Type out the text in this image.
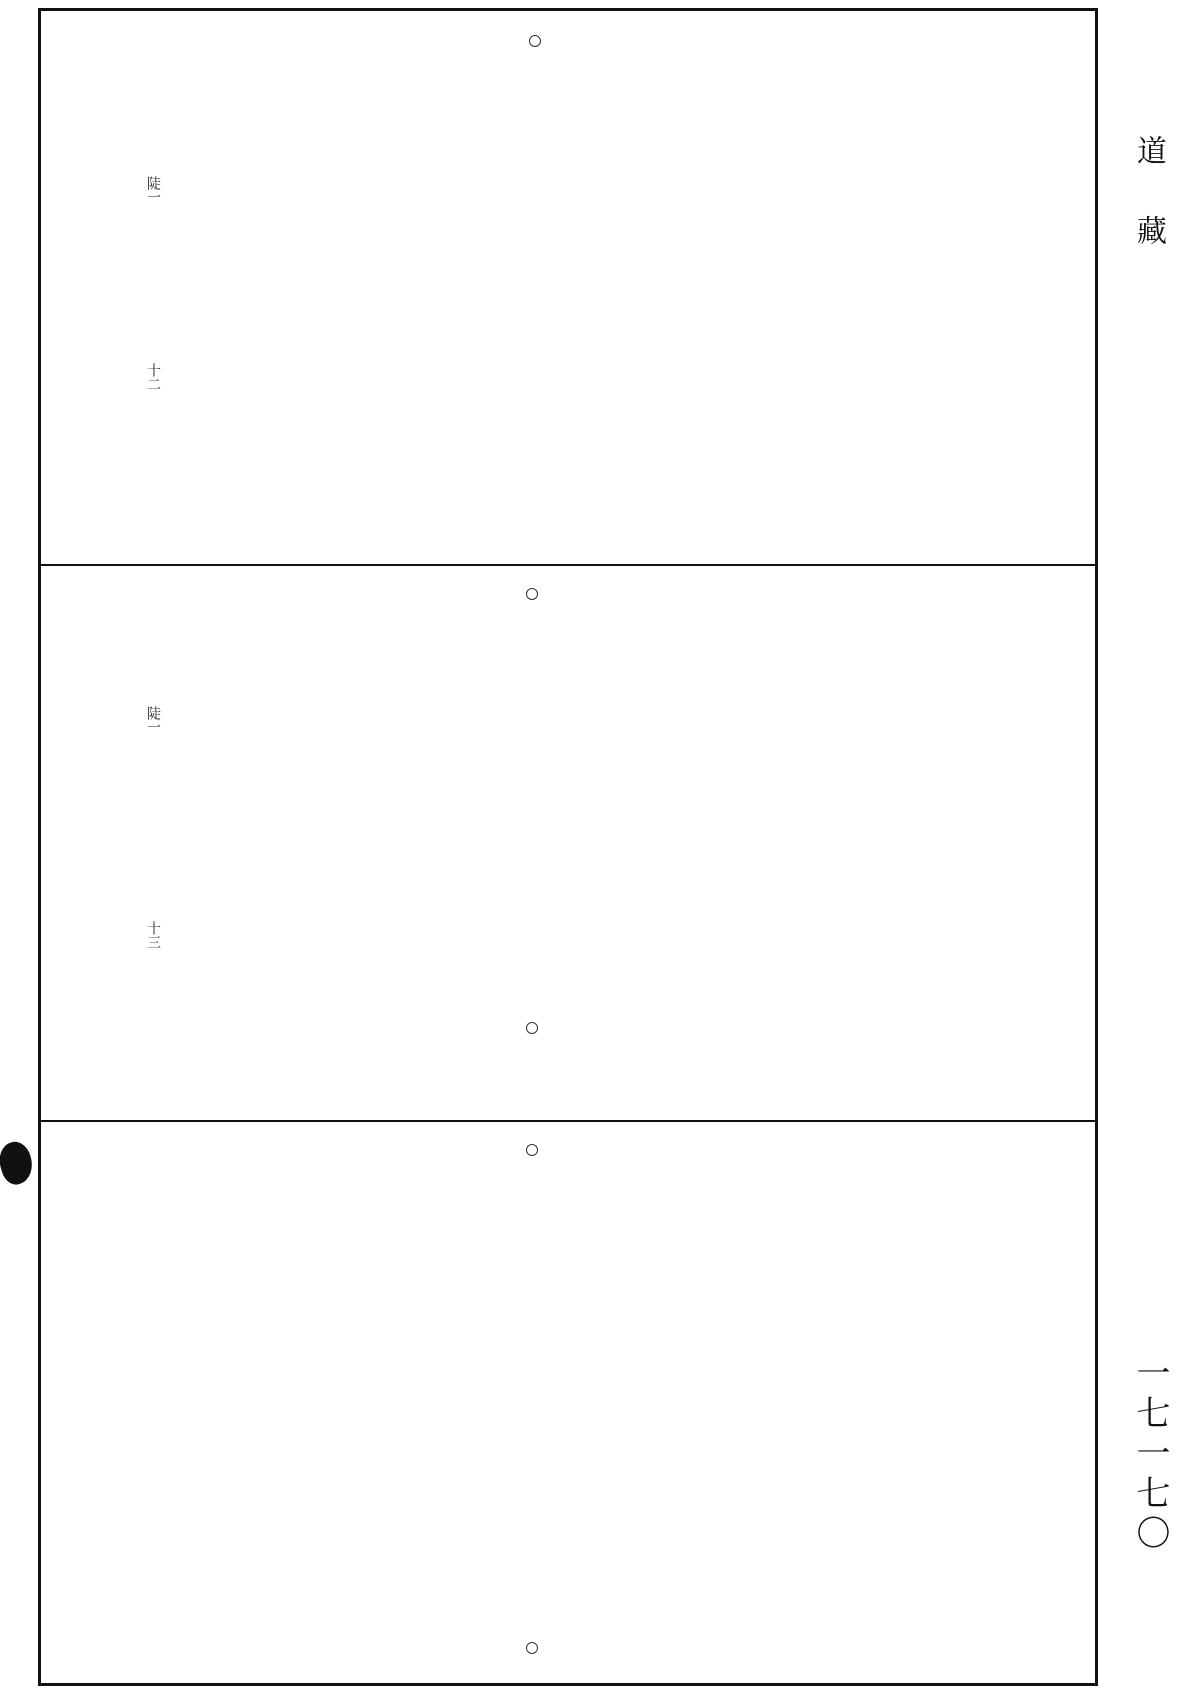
道藏
一七一七〇
陡一
十二
陡一
十三
